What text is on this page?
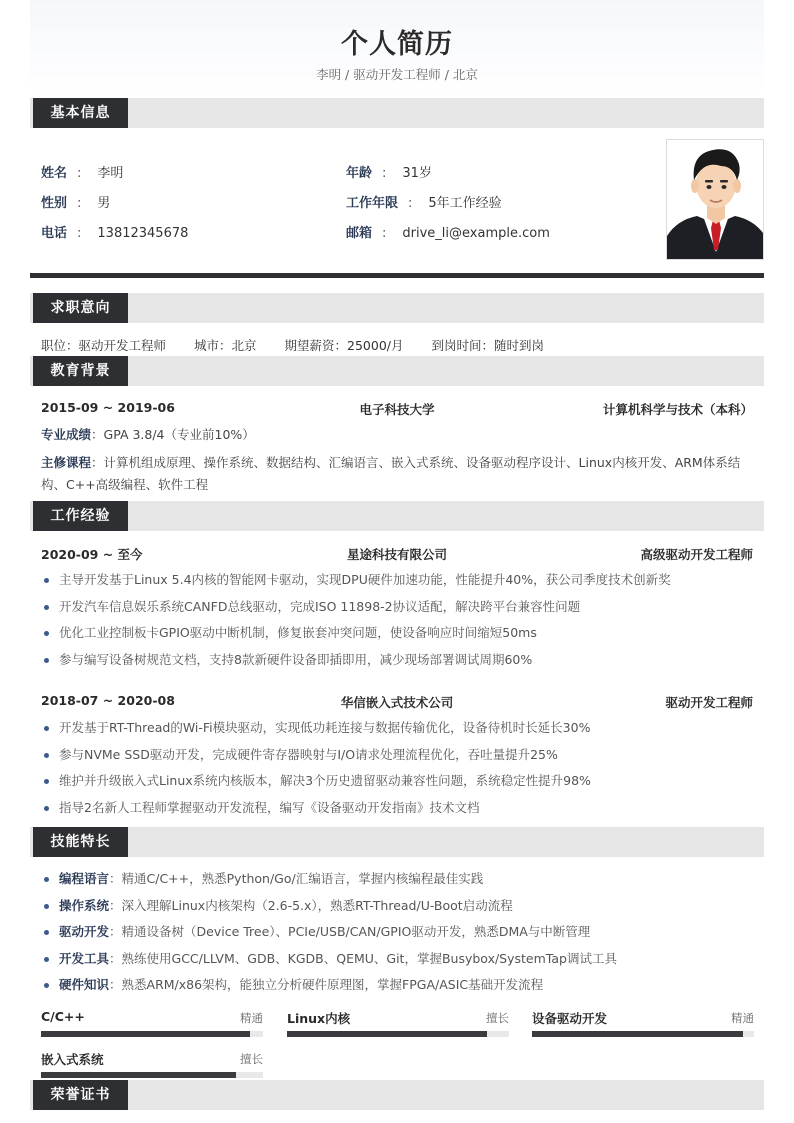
个人简历
李明 / 驱动开发工程师 / 北京
基本信息
姓名 : 李明
性别 : 男
电话 : 13812345678
年龄 : 31岁
工作年限 : 5年工作经验
邮箱 : drive_li@example.com
求职意向
职位：驱动开发工程师 城市：北京 期望薪资：25000/月 到岗时间：随时到岗
教育背景
2015-09 ~ 2019-06	电子科技大学	计算机科学与技术（本科）
专业成绩：GPA 3.8/4（专业前10%）
主修课程：计算机组成原理、操作系统、数据结构、汇编语言、嵌入式系统、设备驱动程序设计、Linux内核开发、ARM体系结构、C++高级编程、软件工程
工作经验
2020-09 ~ 至今	星途科技有限公司	高级驱动开发工程师
主导开发基于Linux 5.4内核的智能网卡驱动，实现DPU硬件加速功能，性能提升40%，获公司季度技术创新奖
开发汽车信息娱乐系统CANFD总线驱动，完成ISO 11898-2协议适配，解决跨平台兼容性问题
优化工业控制板卡GPIO驱动中断机制，修复嵌套冲突问题，使设备响应时间缩短50ms
参与编写设备树规范文档，支持8款新硬件设备即插即用，减少现场部署调试周期60%
2018-07 ~ 2020-08	华信嵌入式技术公司	驱动开发工程师
开发基于RT-Thread的Wi-Fi模块驱动，实现低功耗连接与数据传输优化，设备待机时长延长30%
参与NVMe SSD驱动开发，完成硬件寄存器映射与I/O请求处理流程优化，吞吐量提升25%
维护并升级嵌入式Linux系统内核版本，解决3个历史遗留驱动兼容性问题，系统稳定性提升98%
指导2名新人工程师掌握驱动开发流程，编写《设备驱动开发指南》技术文档
技能特长
编程语言：精通C/C++，熟悉Python/Go/汇编语言，掌握内核编程最佳实践
操作系统：深入理解Linux内核架构（2.6-5.x），熟悉RT-Thread/U-Boot启动流程
驱动开发：精通设备树（Device Tree）、PCIe/USB/CAN/GPIO驱动开发，熟悉DMA与中断管理
开发工具：熟练使用GCC/LLVM、GDB、KGDB、QEMU、Git，掌握Busybox/SystemTap调试工具
硬件知识：熟悉ARM/x86架构，能独立分析硬件原理图，掌握FPGA/ASIC基础开发流程
C/C++	精通 Linux内核	擅长 设备驱动开发	精通
嵌入式系统	擅长
荣誉证书
